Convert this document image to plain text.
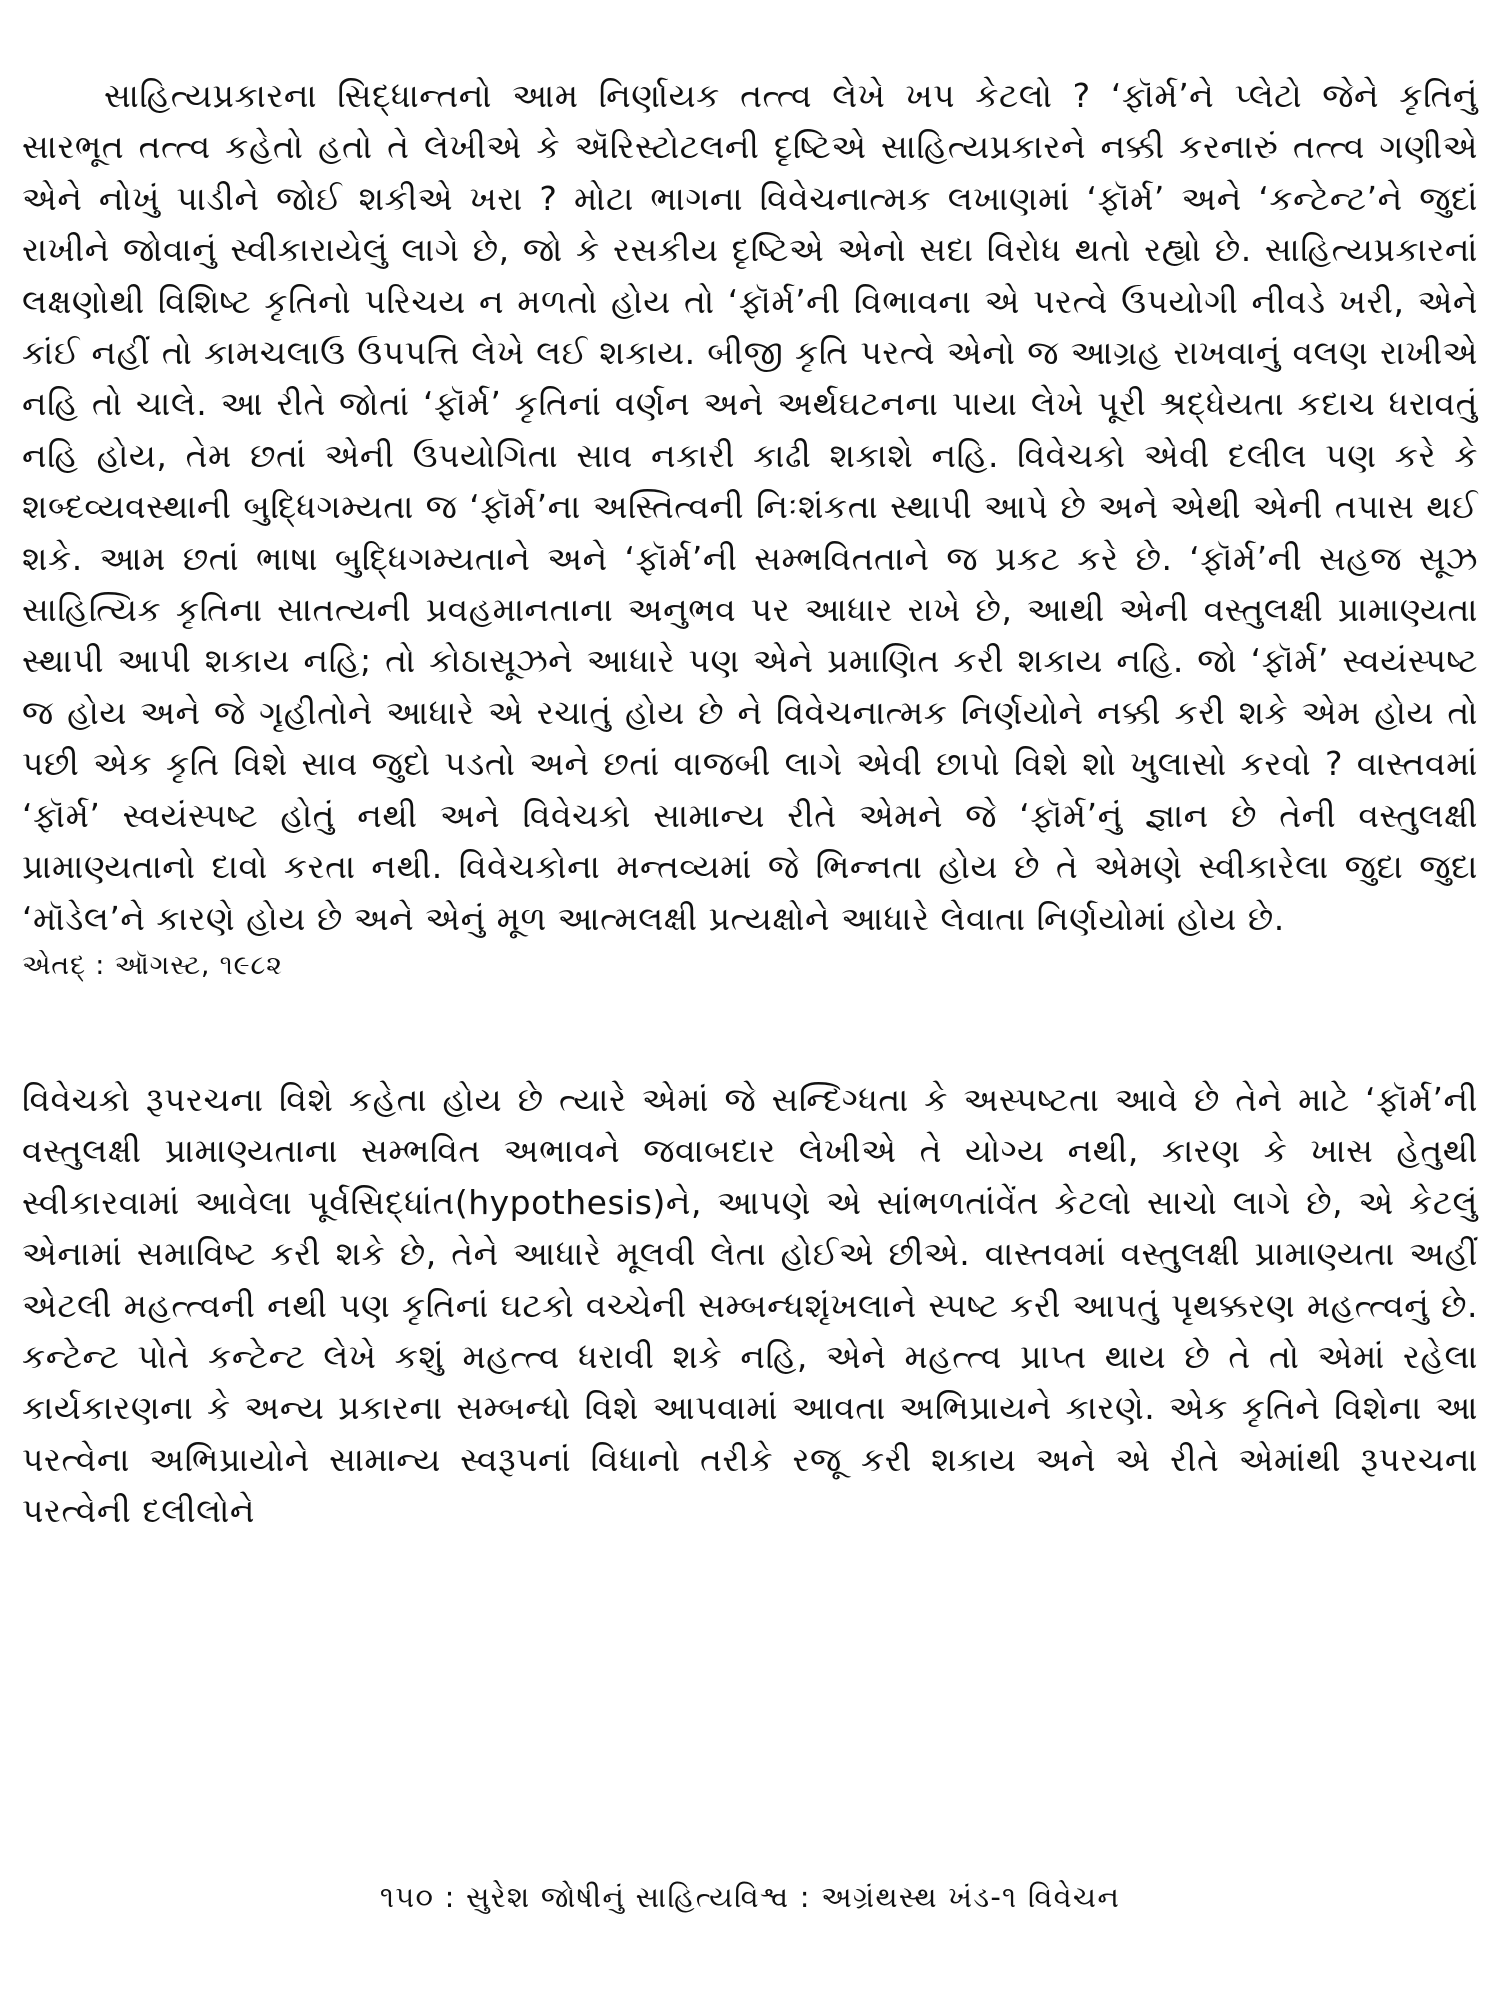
સાહિત્યપ્રકારના સિદ્ધાન્તનો આમ નિર્ણાયક તત્ત્વ લેખે ખપ કેટલો ? ‘ફૉર્મ’ને પ્લેટો જેને કૃતિનું સારભૂત તત્ત્વ કહેતો હતો તે લેખીએ કે ઍરિસ્ટોટલની દૃષ્ટિએ સાહિત્યપ્રકારને નક્કી કરનારું તત્ત્વ ગણીએ એને નોખું પાડીને જોઈ શકીએ ખરા ? મોટા ભાગના વિવેચનાત્મક લખાણમાં ‘ફૉર્મ’ અને ‘કન્ટેન્ટ’ને જુદાં રાખીને જોવાનું સ્વીકારાયેલું લાગે છે, જો કે રસકીય દૃષ્ટિએ એનો સદા વિરોધ થતો રહ્યો છે. સાહિત્યપ્રકારનાં લક્ષણોથી વિશિષ્ટ કૃતિનો પરિચય ન મળતો હોય તો ‘ફૉર્મ’ની વિભાવના એ પરત્વે ઉપયોગી નીવડે ખરી, એને કાંઈ નહીં તો કામચલાઉ ઉપપત્તિ લેખે લઈ શકાય. બીજી કૃતિ પરત્વે એનો જ આગ્રહ રાખવાનું વલણ રાખીએ નહિ તો ચાલે. આ રીતે જોતાં ‘ફૉર્મ’ કૃતિનાં વર્ણન અને અર્થઘટનના પાયા લેખે પૂરી શ્રદ્ધેયતા કદાચ ધરાવતું નહિ હોય, તેમ છતાં એની ઉપયોગિતા સાવ નકારી કાઢી શકાશે નહિ. વિવેચકો એવી દલીલ પણ કરે કે શબ્દવ્યવસ્થાની બુદ્ધિગમ્યતા જ ‘ફૉર્મ’ના અસ્તિત્વની નિઃશંકતા સ્થાપી આપે છે અને એથી એની તપાસ થઈ શકે. આમ છતાં ભાષા બુદ્ધિગમ્યતાને અને ‘ફૉર્મ’ની સમ્ભવિતતાને જ પ્રકટ કરે છે. ‘ફૉર્મ’ની સહજ સૂઝ સાહિત્યિક કૃતિના સાતત્યની પ્રવહમાનતાના અનુભવ પર આધાર રાખે છે, આથી એની વસ્તુલક્ષી પ્રામાણ્યતા સ્થાપી આપી શકાય નહિ; તો કોઠાસૂઝને આધારે પણ એને પ્રમાણિત કરી શકાય નહિ. જો ‘ફૉર્મ’ સ્વયંસ્પષ્ટ જ હોય અને જે ગૃહીતોને આધારે એ રચાતું હોય છે ને વિવેચનાત્મક નિર્ણયોને નક્કી કરી શકે એમ હોય તો પછી એક કૃતિ વિશે સાવ જુદો પડતો અને છતાં વાજબી લાગે એવી છાપો વિશે શો ખુલાસો કરવો ? વાસ્તવમાં ‘ફૉર્મ’ સ્વયંસ્પષ્ટ હોતું નથી અને વિવેચકો સામાન્ય રીતે એમને જે ‘ફૉર્મ’નું જ્ઞાન છે તેની વસ્તુલક્ષી પ્રામાણ્યતાનો દાવો કરતા નથી. વિવેચકોના મન્તવ્યમાં જે ભિન્નતા હોય છે તે એમણે સ્વીકારેલા જુદા જુદા ‘મૉડેલ’ને કારણે હોય છે અને એનું મૂળ આત્મલક્ષી પ્રત્યક્ષોને આધારે લેવાતા નિર્ણયોમાં હોય છે.

એતદ્ : ઑગસ્ટ, ૧૯૮૨

વિવેચકો રૂપરચના વિશે કહેતા હોય છે ત્યારે એમાં જે સન્દિગ્ધતા કે અસ્પષ્ટતા આવે છે તેને માટે ‘ફૉર્મ’ની વસ્તુલક્ષી પ્રામાણ્યતાના સમ્ભવિત અભાવને જવાબદાર લેખીએ તે યોગ્ય નથી, કારણ કે ખાસ હેતુથી સ્વીકારવામાં આવેલા પૂર્વસિદ્ધાંત(hypothesis)ને, આપણે એ સાંભળતાંવેંત કેટલો સાચો લાગે છે, એ કેટલું એનામાં સમાવિષ્ટ કરી શકે છે, તેને આધારે મૂલવી લેતા હોઈએ છીએ. વાસ્તવમાં વસ્તુલક્ષી પ્રામાણ્યતા અહીં એટલી મહત્ત્વની નથી પણ કૃતિનાં ઘટકો વચ્ચેની સમ્બન્ધશૃંખલાને સ્પષ્ટ કરી આપતું પૃથક્કરણ મહત્ત્વનું છે. કન્ટેન્ટ પોતે કન્ટેન્ટ લેખે કશું મહત્ત્વ ધરાવી શકે નહિ, એને મહત્ત્વ પ્રાપ્ત થાય છે તે તો એમાં રહેલા કાર્યકારણના કે અન્ય પ્રકારના સમ્બન્ધો વિશે આપવામાં આવતા અભિપ્રાયને કારણે. એક કૃતિને વિશેના આ પરત્વેના અભિપ્રાયોને સામાન્ય સ્વરૂપનાં વિધાનો તરીકે રજૂ કરી શકાય અને એ રીતે એમાંથી રૂપરચના પરત્વેની દલીલોને

૧૫૦ : સુરેશ જોષીનું સાહિત્યવિશ્વ : અગ્રંથસ્થ ખંડ-૧ વિવેચન
